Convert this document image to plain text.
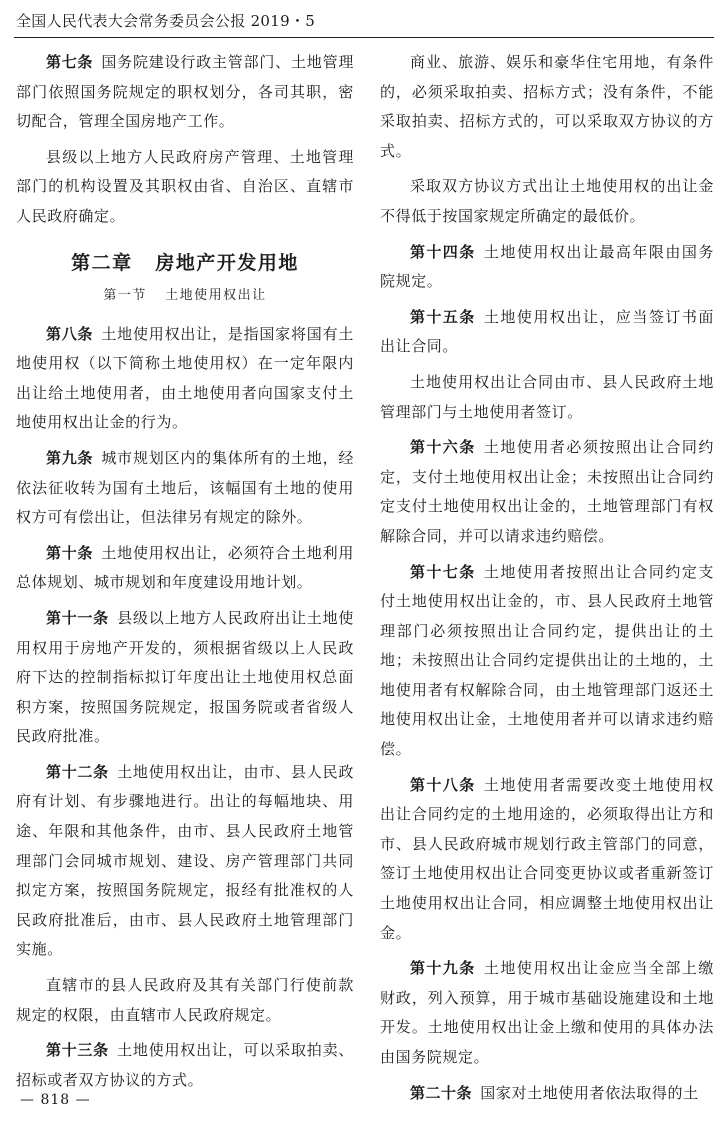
全国人民代表大会常务委员会公报 2019・5

第七条 国务院建设行政主管部门、土地管理部门依照国务院规定的职权划分，各司其职，密切配合，管理全国房地产工作。

县级以上地方人民政府房产管理、土地管理部门的机构设置及其职权由省、自治区、直辖市人民政府确定。

第二章 房地产开发用地
第一节 土地使用权出让

第八条 土地使用权出让，是指国家将国有土地使用权（以下简称土地使用权）在一定年限内出让给土地使用者，由土地使用者向国家支付土地使用权出让金的行为。

第九条 城市规划区内的集体所有的土地，经依法征收转为国有土地后，该幅国有土地的使用权方可有偿出让，但法律另有规定的除外。

第十条 土地使用权出让，必须符合土地利用总体规划、城市规划和年度建设用地计划。

第十一条 县级以上地方人民政府出让土地使用权用于房地产开发的，须根据省级以上人民政府下达的控制指标拟订年度出让土地使用权总面积方案，按照国务院规定，报国务院或者省级人民政府批准。

第十二条 土地使用权出让，由市、县人民政府有计划、有步骤地进行。出让的每幅地块、用途、年限和其他条件，由市、县人民政府土地管理部门会同城市规划、建设、房产管理部门共同拟定方案，按照国务院规定，报经有批准权的人民政府批准后，由市、县人民政府土地管理部门实施。

直辖市的县人民政府及其有关部门行使前款规定的权限，由直辖市人民政府规定。

第十三条 土地使用权出让，可以采取拍卖、招标或者双方协议的方式。

商业、旅游、娱乐和豪华住宅用地，有条件的，必须采取拍卖、招标方式；没有条件，不能采取拍卖、招标方式的，可以采取双方协议的方式。

采取双方协议方式出让土地使用权的出让金不得低于按国家规定所确定的最低价。

第十四条 土地使用权出让最高年限由国务院规定。

第十五条 土地使用权出让，应当签订书面出让合同。

土地使用权出让合同由市、县人民政府土地管理部门与土地使用者签订。

第十六条 土地使用者必须按照出让合同约定，支付土地使用权出让金；未按照出让合同约定支付土地使用权出让金的，土地管理部门有权解除合同，并可以请求违约赔偿。

第十七条 土地使用者按照出让合同约定支付土地使用权出让金的，市、县人民政府土地管理部门必须按照出让合同约定，提供出让的土地；未按照出让合同约定提供出让的土地的，土地使用者有权解除合同，由土地管理部门返还土地使用权出让金，土地使用者并可以请求违约赔偿。

第十八条 土地使用者需要改变土地使用权出让合同约定的土地用途的，必须取得出让方和市、县人民政府城市规划行政主管部门的同意，签订土地使用权出让合同变更协议或者重新签订土地使用权出让合同，相应调整土地使用权出让金。

第十九条 土地使用权出让金应当全部上缴财政，列入预算，用于城市基础设施建设和土地开发。土地使用权出让金上缴和使用的具体办法由国务院规定。

第二十条 国家对土地使用者依法取得的土

— 818 —
